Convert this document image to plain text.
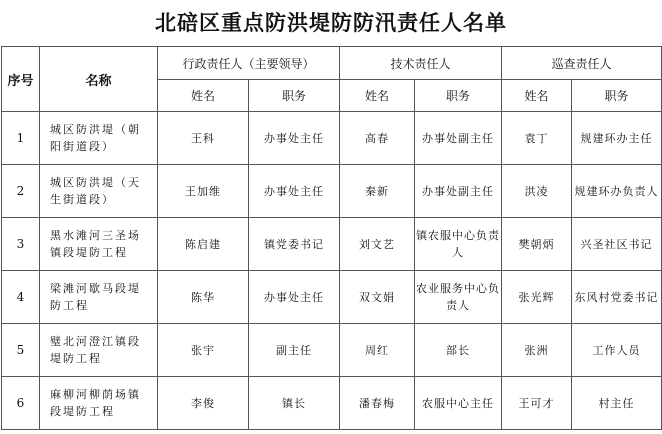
北碚区重点防洪堤防防汛责任人名单
序号	名称	行政责任人（主要领导）		技术责任人		巡查责任人	
		姓名	职务	姓名	职务	姓名	职务
1	城区防洪堤（朝阳街道段）	王科	办事处主任	高春	办事处副主任	袁丁	规建环办主任
2	城区防洪堤（天生街道段）	王加维	办事处主任	秦新	办事处副主任	洪凌	规建环办负责人
3	黑水滩河三圣场镇段堤防工程	陈启建	镇党委书记	刘文艺	镇农服中心负责人	樊朝炳	兴圣社区书记
4	梁滩河歇马段堤防工程	陈华	办事处主任	双文娟	农业服务中心负责人	张光辉	东风村党委书记
5	璧北河澄江镇段堤防工程	张宇	副主任	周红	部长	张洲	工作人员
6	麻柳河柳荫场镇段堤防工程	李俊	镇长	潘春梅	农服中心主任	王可才	村主任
